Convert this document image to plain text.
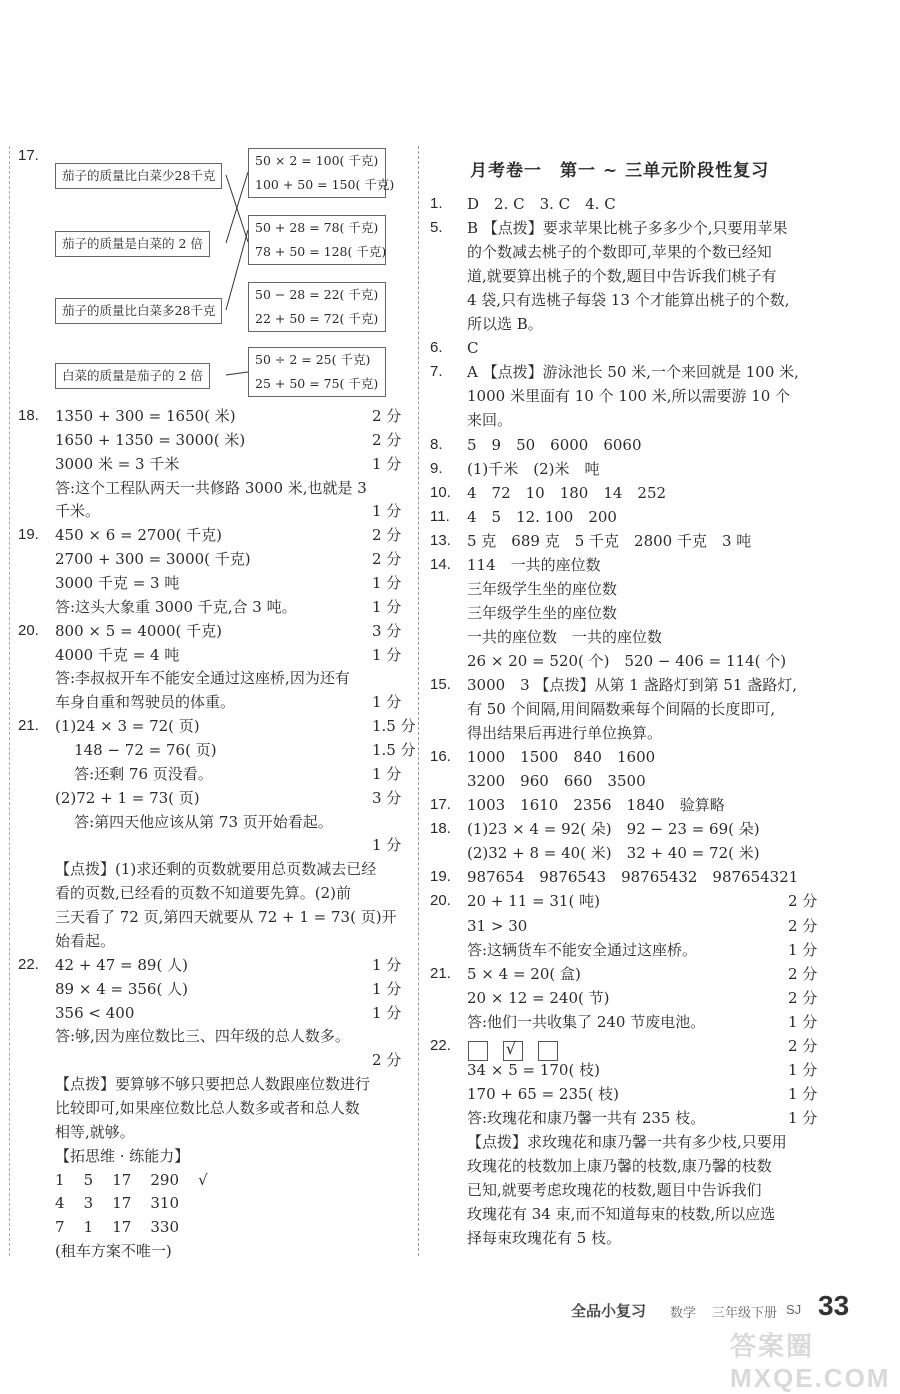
17.
茄子的质量比白菜少28千克
茄子的质量是白菜的 2 倍
茄子的质量比白菜多28千克
白菜的质量是茄子的 2 倍
50 × 2 = 100( 千克)
100 + 50 = 150( 千克)
50 + 28 = 78( 千克)
78 + 50 = 128( 千克)
50 − 28 = 22( 千克)
22 + 50 = 72( 千克)
50 ÷ 2 = 25( 千克)
25 + 50 = 75( 千克)
18. 1350 + 300 = 1650( 米)	2 分
1650 + 1350 = 3000( 米)	2 分
3000 米 = 3 千米	1 分
答:这个工程队两天一共修路 3000 米,也就是 3
千米。	1 分
19. 450 × 6 = 2700( 千克)	2 分
2700 + 300 = 3000( 千克)	2 分
3000 千克 = 3 吨	1 分
答:这头大象重 3000 千克,合 3 吨。	1 分
20. 800 × 5 = 4000( 千克)	3 分
4000 千克 = 4 吨	1 分
答:李叔叔开车不能安全通过这座桥,因为还有
车身自重和驾驶员的体重。	1 分
21. (1)24 × 3 = 72( 页)	1.5 分
148 − 72 = 76( 页)	1.5 分
答:还剩 76 页没看。	1 分
(2)72 + 1 = 73( 页)	3 分
答:第四天他应该从第 73 页开始看起。
1 分
【点拨】(1)求还剩的页数就要用总页数减去已经
看的页数,已经看的页数不知道要先算。(2)前
三天看了 72 页,第四天就要从 72 + 1 = 73( 页)开
始看起。
22. 42 + 47 = 89( 人)	1 分
89 × 4 = 356( 人)	1 分
356 < 400	1 分
答:够,因为座位数比三、四年级的总人数多。
2 分
【点拨】要算够不够只要把总人数跟座位数进行
比较即可,如果座位数比总人数多或者和总人数
相等,就够。
【拓思维 · 练能力】
1    5    17    290    √
4    3    17    310
7    1    17    330
(租车方案不唯一)
月考卷一　第一 ~ 三单元阶段性复习
1. D　2. C　3. C　4. C
5. B 【点拨】要求苹果比桃子多多少个,只要用苹果
的个数减去桃子的个数即可,苹果的个数已经知
道,就要算出桃子的个数,题目中告诉我们桃子有
4 袋,只有选桃子每袋 13 个才能算出桃子的个数,
所以选 B。
6. C
7. A 【点拨】游泳池长 50 米,一个来回就是 100 米,
1000 米里面有 10 个 100 米,所以需要游 10 个
来回。
8. 5　9　50　6000　6060
9. (1)千米　(2)米　吨
10. 4　72　10　180　14　252
11. 4　5　12. 100　200
13. 5 克　689 克　5 千克　2800 千克　3 吨
14. 114　一共的座位数
三年级学生坐的座位数
三年级学生坐的座位数
一共的座位数　一共的座位数
26 × 20 = 520( 个)　520 − 406 = 114( 个)
15. 3000　3 【点拨】从第 1 盏路灯到第 51 盏路灯,
有 50 个间隔,用间隔数乘每个间隔的长度即可,
得出结果后再进行单位换算。
16. 1000　1500　840　1600
3200　960　660　3500
17. 1003　1610　2356　1840　验算略
18. (1)23 × 4 = 92( 朵)　92 − 23 = 69( 朵)
(2)32 + 8 = 40( 米)　32 + 40 = 72( 米)
19. 987654　9876543　98765432　987654321
20. 20 + 11 = 31( 吨)	2 分
31 > 30	2 分
答:这辆货车不能安全通过这座桥。	1 分
21. 5 × 4 = 20( 盒)	2 分
20 × 12 = 240( 节)	2 分
答:他们一共收集了 240 节废电池。	1 分
22.	2 分
34 × 5 = 170( 枝)	1 分
170 + 65 = 235( 枝)	1 分
答:玫瑰花和康乃馨一共有 235 枝。	1 分
【点拨】求玫瑰花和康乃馨一共有多少枝,只要用
玫瑰花的枝数加上康乃馨的枝数,康乃馨的枝数
已知,就要考虑玫瑰花的枝数,题目中告诉我们
玫瑰花有 34 束,而不知道每束的枝数,所以应选
择每束玫瑰花有 5 枝。

√

全品小复习 数学 三年级下册 SJ 33
答案圈 MXQE.COM
